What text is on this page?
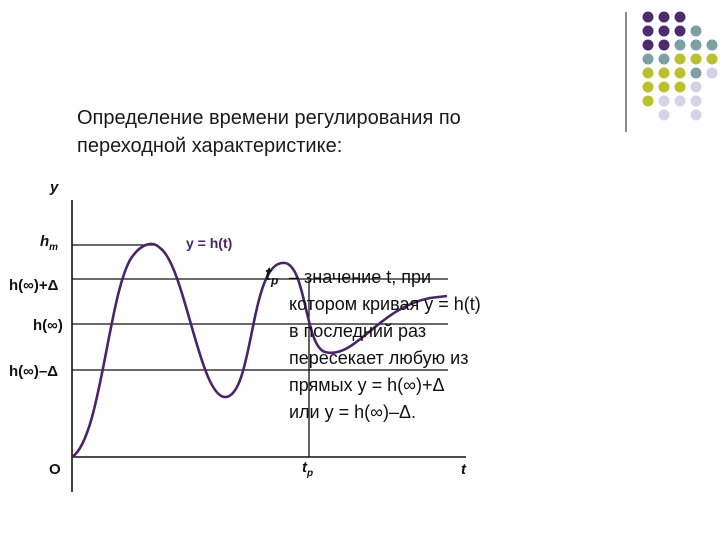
Определение времени регулирования по
переходной характеристике:
y
t
O
$h_m$
h(∞)+Δ
h(∞)
h(∞)–Δ
y = h(t)
$t_p$
$t_p$ – значение t, при
котором кривая y = h(t)
в последний раз
пересекает любую из
прямых y = h(∞)+Δ
или y = h(∞)–Δ.
